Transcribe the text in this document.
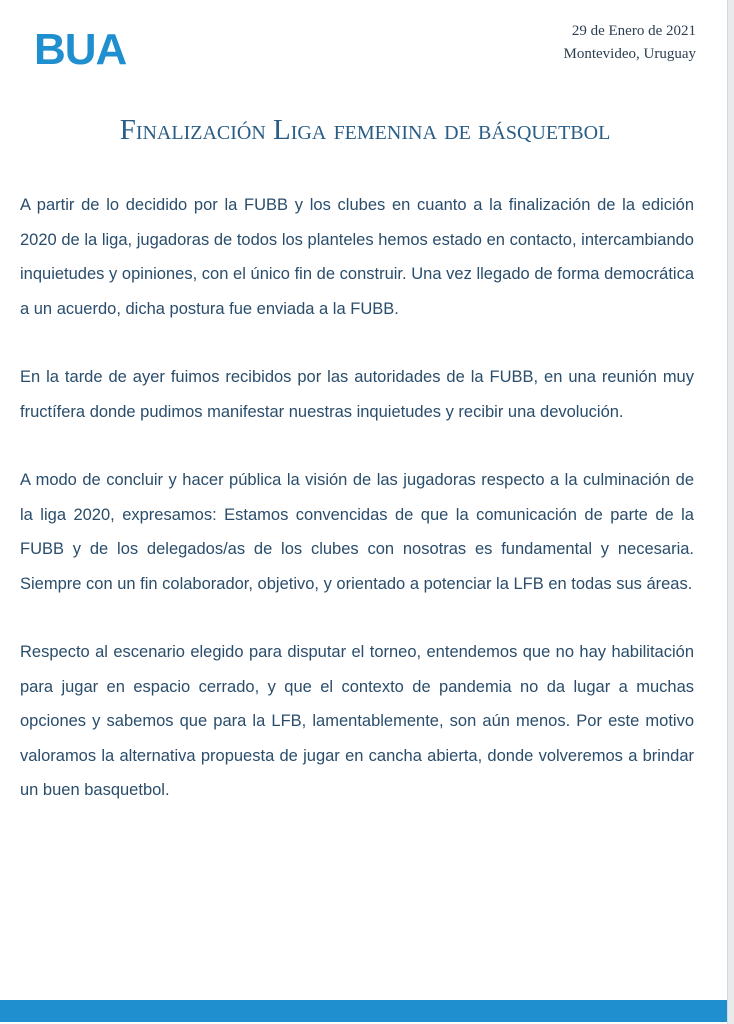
BUA	29 de Enero de 2021
Montevideo, Uruguay
Finalización Liga femenina de básquetbol

A partir de lo decidido por la FUBB y los clubes en cuanto a la finalización de la edición 2020 de la liga, jugadoras de todos los planteles hemos estado en contacto, intercambiando inquietudes y opiniones, con el único fin de construir. Una vez llegado de forma democrática a un acuerdo, dicha postura fue enviada a la FUBB.

En la tarde de ayer fuimos recibidos por las autoridades de la FUBB, en una reunión muy fructífera donde pudimos manifestar nuestras inquietudes y recibir una devolución.

A modo de concluir y hacer pública la visión de las jugadoras respecto a la culminación de la liga 2020, expresamos: Estamos convencidas de que la comunicación de parte de la FUBB y de los delegados/as de los clubes con nosotras es fundamental y necesaria. Siempre con un fin colaborador, objetivo, y orientado a potenciar la LFB en todas sus áreas.

Respecto al escenario elegido para disputar el torneo, entendemos que no hay habilitación para jugar en espacio cerrado, y que el contexto de pandemia no da lugar a muchas opciones y sabemos que para la LFB, lamentablemente, son aún menos. Por este motivo valoramos la alternativa propuesta de jugar en cancha abierta, donde volveremos a brindar un buen basquetbol.
